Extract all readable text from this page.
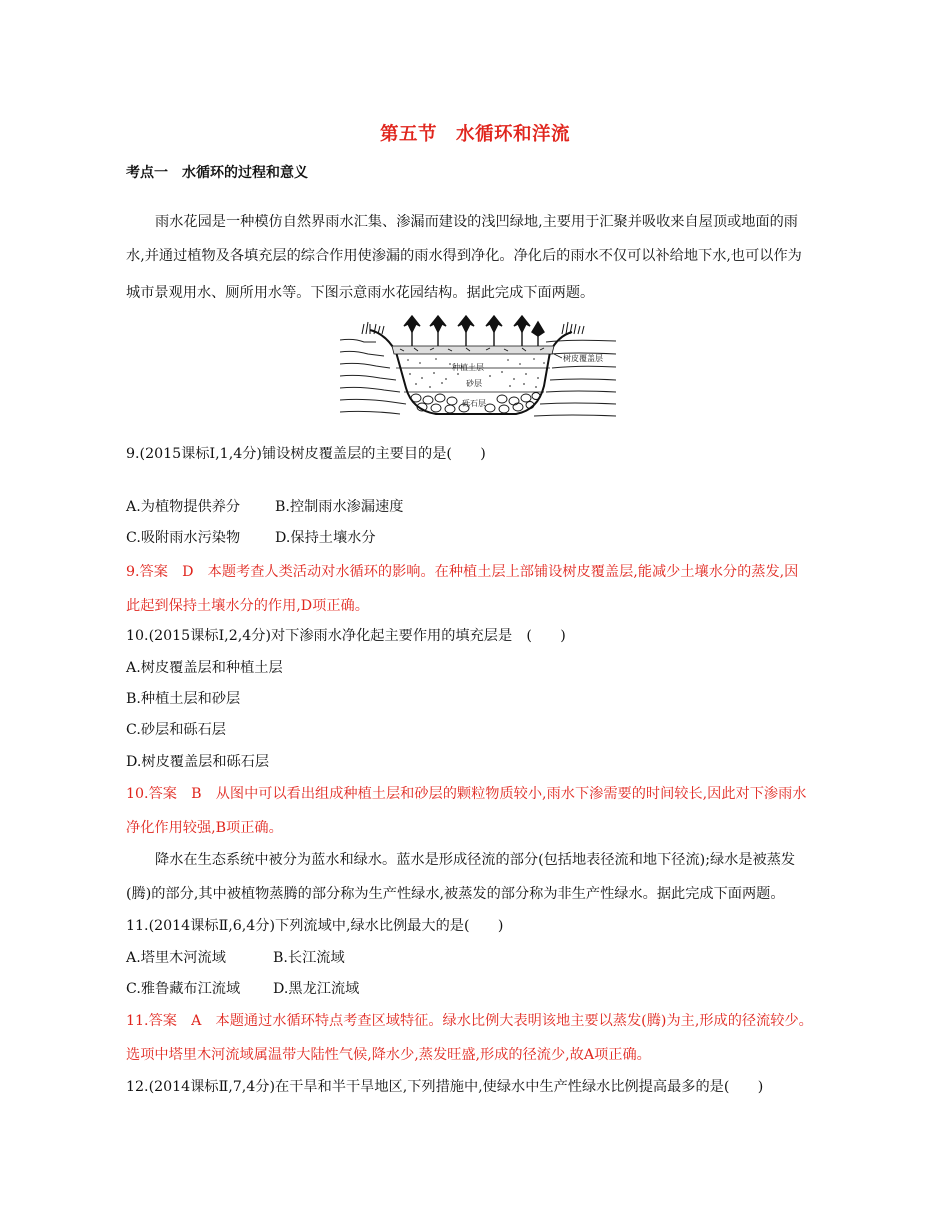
第五节　水循环和洋流
考点一　水循环的过程和意义
雨水花园是一种模仿自然界雨水汇集、渗漏而建设的浅凹绿地,主要用于汇聚并吸收来自屋顶或地面的雨
水,并通过植物及各填充层的综合作用使渗漏的雨水得到净化。净化后的雨水不仅可以补给地下水,也可以作为
城市景观用水、厕所用水等。下图示意雨水花园结构。据此完成下面两题。
树皮覆盖层
种植土层
砂层
砾石层
9.(2015课标Ⅰ,1,4分)铺设树皮覆盖层的主要目的是(　　)
A.为植物提供养分 B.控制雨水渗漏速度
C.吸附雨水污染物 D.保持土壤水分
9.答案　D　本题考查人类活动对水循环的影响。在种植土层上部铺设树皮覆盖层,能减少土壤水分的蒸发,因
此起到保持土壤水分的作用,D项正确。
10.(2015课标Ⅰ,2,4分)对下渗雨水净化起主要作用的填充层是　(　　)
A.树皮覆盖层和种植土层
B.种植土层和砂层
C.砂层和砾石层
D.树皮覆盖层和砾石层
10.答案　B　从图中可以看出组成种植土层和砂层的颗粒物质较小,雨水下渗需要的时间较长,因此对下渗雨水
净化作用较强,B项正确。
降水在生态系统中被分为蓝水和绿水。蓝水是形成径流的部分(包括地表径流和地下径流);绿水是被蒸发
(腾)的部分,其中被植物蒸腾的部分称为生产性绿水,被蒸发的部分称为非生产性绿水。据此完成下面两题。
11.(2014课标Ⅱ,6,4分)下列流域中,绿水比例最大的是(　　)
A.塔里木河流域	B.长江流域
C.雅鲁藏布江流域 D.黑龙江流域
11.答案　A　本题通过水循环特点考查区域特征。绿水比例大表明该地主要以蒸发(腾)为主,形成的径流较少。
选项中塔里木河流域属温带大陆性气候,降水少,蒸发旺盛,形成的径流少,故A项正确。
12.(2014课标Ⅱ,7,4分)在干旱和半干旱地区,下列措施中,使绿水中生产性绿水比例提高最多的是(　　)
